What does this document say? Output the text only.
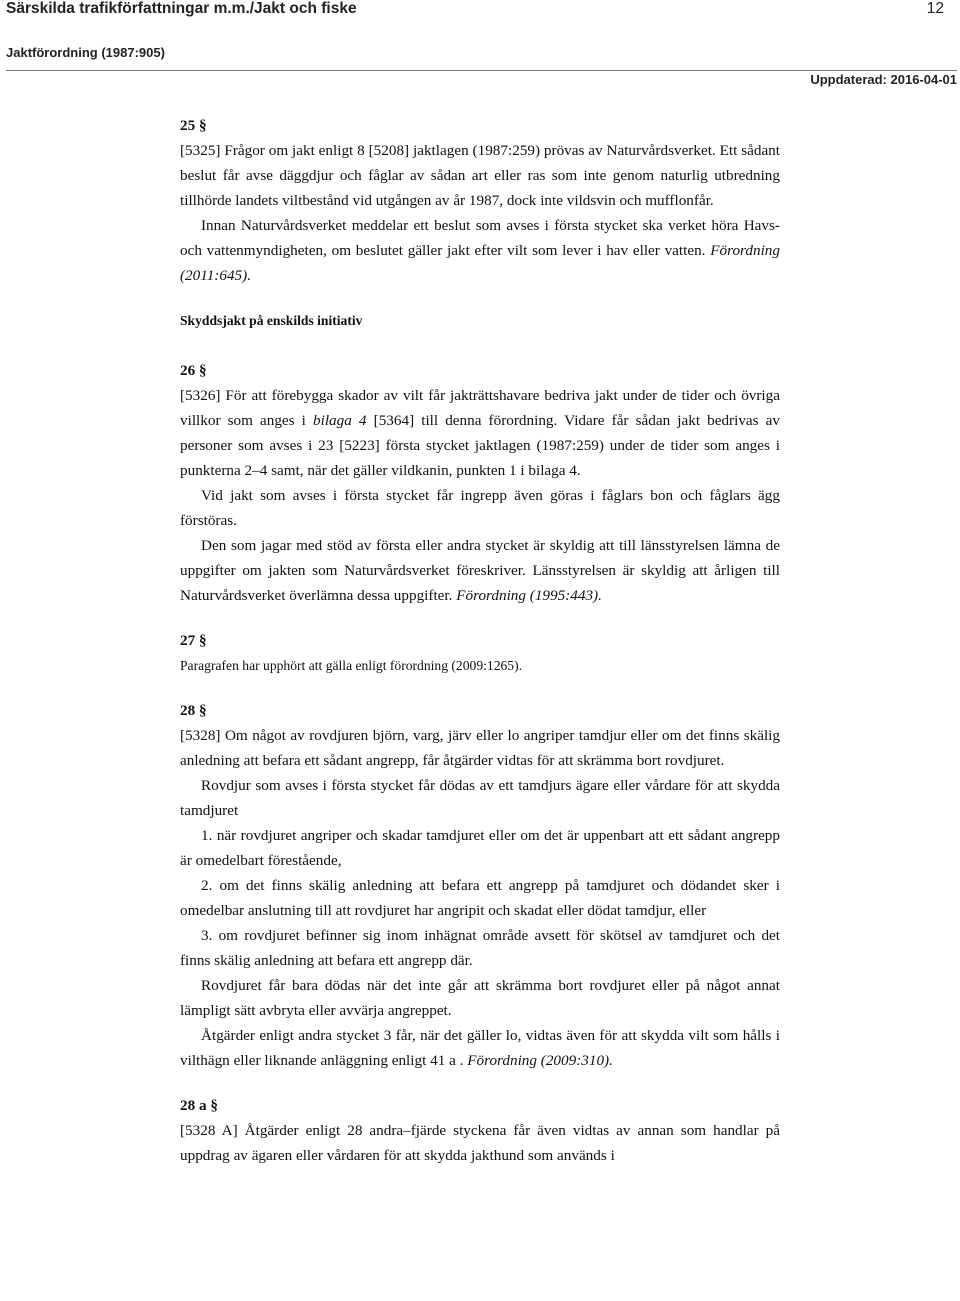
Särskilda trafikförfattningar m.m./Jakt och fiske	12
Jaktförordning (1987:905)
Uppdaterad: 2016-04-01
25 §

[5325] Frågor om jakt enligt 8 [5208] jaktlagen (1987:259) prövas av Naturvårdsverket. Ett sådant beslut får avse däggdjur och fåglar av sådan art eller ras som inte genom naturlig utbredning tillhörde landets viltbestånd vid utgången av år 1987, dock inte vildsvin och mufflonfår.

Innan Naturvårdsverket meddelar ett beslut som avses i första stycket ska verket höra Havs- och vattenmyndigheten, om beslutet gäller jakt efter vilt som lever i hav eller vatten. Förordning (2011:645).

Skyddsjakt på enskilds initiativ
26 §

[5326] För att förebygga skador av vilt får jakträttshavare bedriva jakt under de tider och övriga villkor som anges i bilaga 4 [5364] till denna förordning. Vidare får sådan jakt bedrivas av personer som avses i 23 [5223] första stycket jaktlagen (1987:259) under de tider som anges i punkterna 2–4 samt, när det gäller vildkanin, punkten 1 i bilaga 4.

Vid jakt som avses i första stycket får ingrepp även göras i fåglars bon och fåglars ägg förstöras.

Den som jagar med stöd av första eller andra stycket är skyldig att till länsstyrelsen lämna de uppgifter om jakten som Naturvårdsverket föreskriver. Länsstyrelsen är skyldig att årligen till Naturvårdsverket överlämna dessa uppgifter. Förordning (1995:443).

27 §

Paragrafen har upphört att gälla enligt förordning (2009:1265).

28 §

[5328] Om något av rovdjuren björn, varg, järv eller lo angriper tamdjur eller om det finns skälig anledning att befara ett sådant angrepp, får åtgärder vidtas för att skrämma bort rovdjuret.

Rovdjur som avses i första stycket får dödas av ett tamdjurs ägare eller vårdare för att skydda tamdjuret

1. när rovdjuret angriper och skadar tamdjuret eller om det är uppenbart att ett sådant angrepp är omedelbart förestående,

2. om det finns skälig anledning att befara ett angrepp på tamdjuret och dödandet sker i omedelbar anslutning till att rovdjuret har angripit och skadat eller dödat tamdjur, eller

3. om rovdjuret befinner sig inom inhägnat område avsett för skötsel av tamdjuret och det finns skälig anledning att befara ett angrepp där.

Rovdjuret får bara dödas när det inte går att skrämma bort rovdjuret eller på något annat lämpligt sätt avbryta eller avvärja angreppet.

Åtgärder enligt andra stycket 3 får, när det gäller lo, vidtas även för att skydda vilt som hålls i vilthägn eller liknande anläggning enligt 41 a . Förordning (2009:310).

28 a §

[5328 A] Åtgärder enligt 28 andra–fjärde styckena får även vidtas av annan som handlar på uppdrag av ägaren eller vårdaren för att skydda jakthund som används i
